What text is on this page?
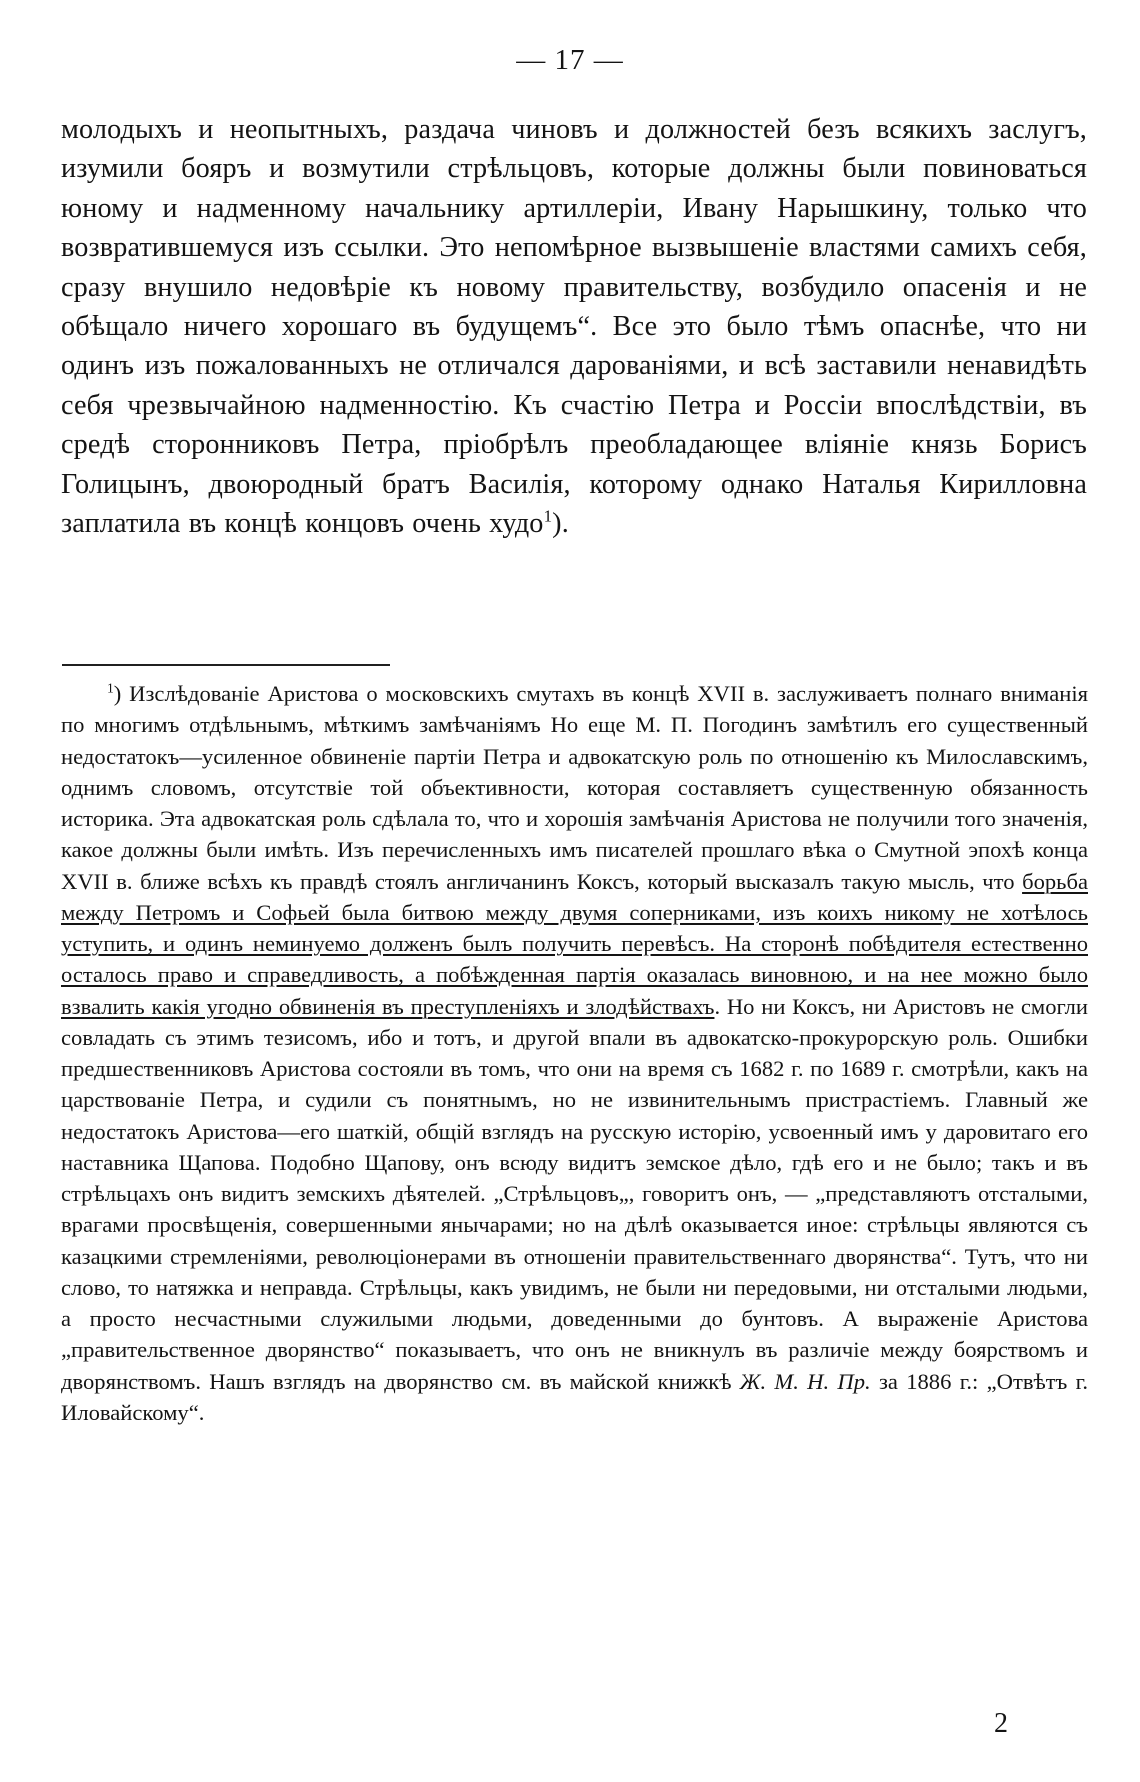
— 17 —

молодыхъ и неопытныхъ, раздача чиновъ и должностей безъ всякихъ заслугъ, изумили бояръ и возмутили стрѣльцовъ, которые должны были повиноваться юному и надменному начальнику артиллеріи, Ивану Нарышкину, только что возвратившемуся изъ ссылки. Это непомѣрное вызвышеніе властями самихъ себя, сразу внушило недовѣріе къ новому правительству, возбудило опасенія и не обѣщало ничего хорошаго въ будущемъ“. Все это было тѣмъ опаснѣе, что ни одинъ изъ пожалованныхъ не отличался дарованіями, и всѣ заставили ненавидѣть себя чрезвычайною надменностію. Къ счастію Петра и Россіи впослѣдствіи, въ средѣ сторонниковъ Петра, пріобрѣлъ преобладающее вліяніе князь Борисъ Голицынъ, двоюродный братъ Василія, которому однако Наталья Кирилловна заплатила въ концѣ концовъ очень худо$^1$).

$^1$) Изслѣдованіе Аристова о московскихъ смутахъ въ концѣ XVII в. заслуживаетъ полнаго вниманія по многимъ отдѣльнымъ, мѣткимъ замѣчаніямъ Но еще М. П. Погодинъ замѣтилъ его существенный недостатокъ—усиленное обвиненіе партіи Петра и адвокатскую роль по отношенію къ Милославскимъ, однимъ словомъ, отсутствіе той объективности, которая составляетъ существенную обязанность историка. Эта адвокатская роль сдѣлала то, что и хорошія замѣчанія Аристова не получили того значенія, какое должны были имѣть. Изъ перечисленныхъ имъ писателей прошлаго вѣка о Смутной эпохѣ конца XVII в. ближе всѣхъ къ правдѣ стоялъ англичанинъ Коксъ, который высказалъ такую мысль, что борьба между Петромъ и Софьей была битвою между двумя соперниками, изъ коихъ никому не хотѣлось уступить, и одинъ неминуемо долженъ былъ получить перевѣсъ. На сторонѣ побѣдителя естественно осталось право и справедливость, а побѣжденная партія оказалась виновною, и на нее можно было взвалить какія угодно обвиненія въ преступленіяхъ и злодѣйствахъ. Но ни Коксъ, ни Аристовъ не смогли совладать съ этимъ тезисомъ, ибо и тотъ, и другой впали въ адвокатско-прокурорскую роль. Ошибки предшественниковъ Аристова состояли въ томъ, что они на время съ 1682 г. по 1689 г. смотрѣли, какъ на царствованіе Петра, и судили съ понятнымъ, но не извинительнымъ пристрастіемъ. Главный же недостатокъ Аристова—его шаткій, общій взглядъ на русскую исторію, усвоенный имъ у даровитаго его наставника Щапова. Подобно Щапову, онъ всюду видитъ земское дѣло, гдѣ его и не было; такъ и въ стрѣльцахъ онъ видитъ земскихъ дѣятелей. „Стрѣльцовъ„, говоритъ онъ, — „представляютъ отсталыми, врагами просвѣщенія, совершенными янычарами; но на дѣлѣ оказывается иное: стрѣльцы являются съ казацкими стремленіями, революціонерами въ отношеніи правительственнаго дворянства“. Тутъ, что ни слово, то натяжка и неправда. Стрѣльцы, какъ увидимъ, не были ни передовыми, ни отсталыми людьми, а просто несчастными служилыми людьми, доведенными до бунтовъ. А выраженіе Аристова „правительственное дворянство“ показываетъ, что онъ не вникнулъ въ различіе между боярствомъ и дворянствомъ. Нашъ взглядъ на дворянство см. въ майской книжкѣ Ж. М. Н. Пр. за 1886 г.: „Отвѣтъ г. Иловайскому“.

2
